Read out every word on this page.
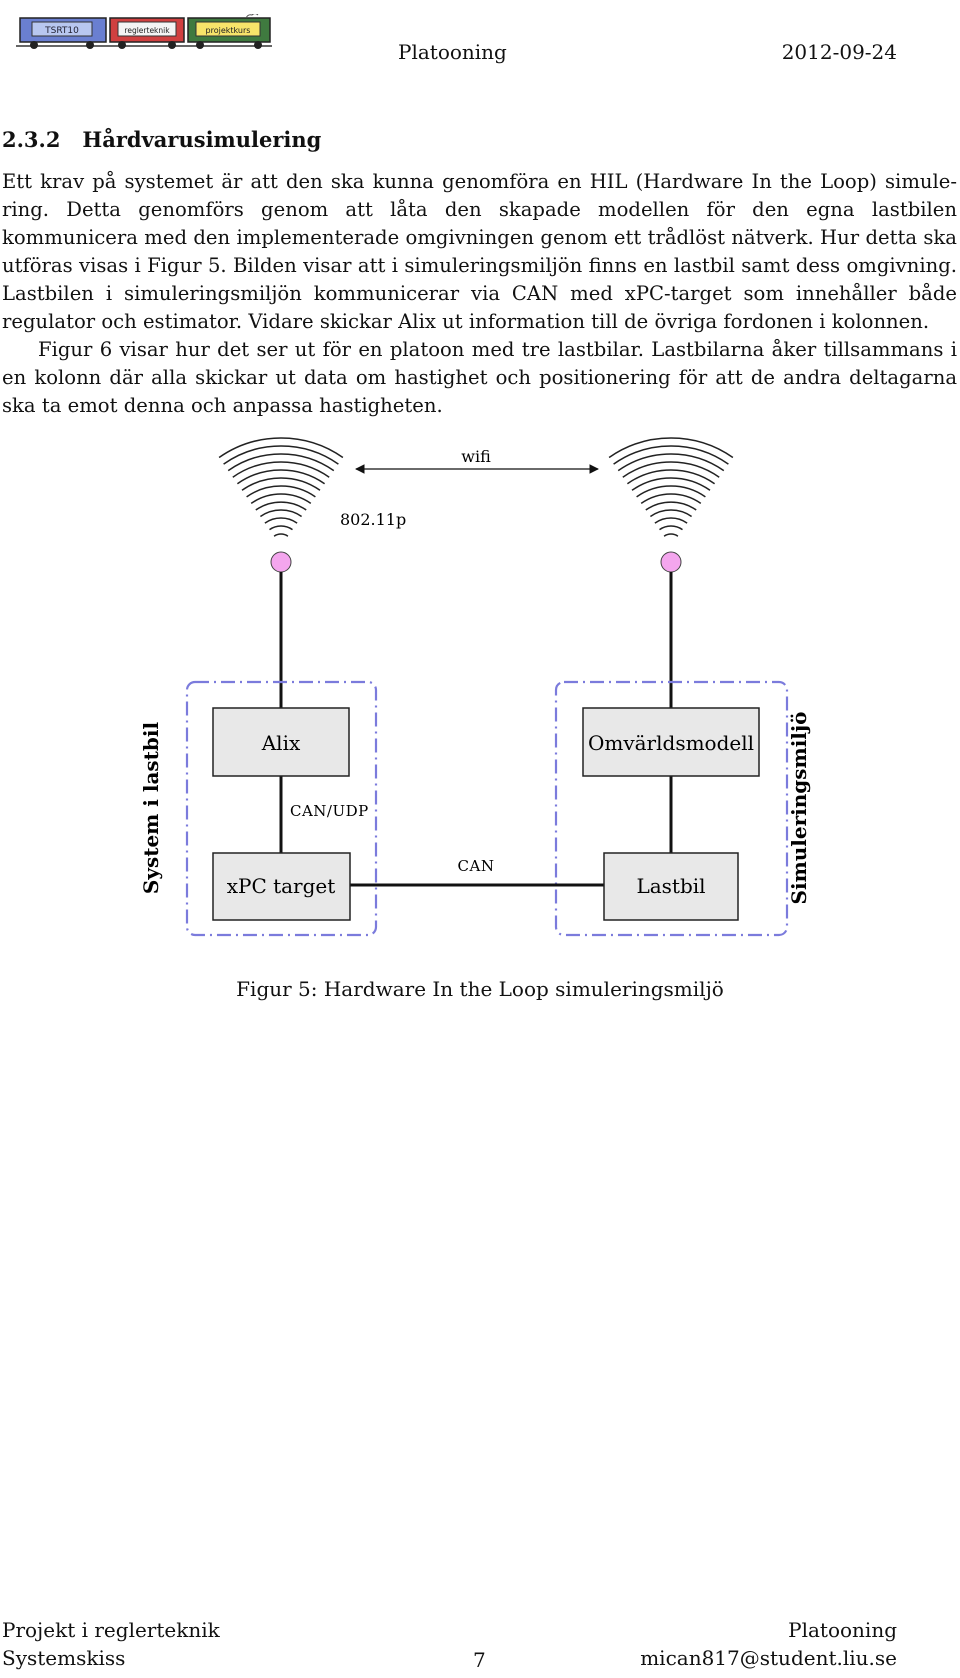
TSRT10	reglerteknik	projektkurs
Platooning	2012-09-24
2.3.2 Hårdvarusimulering
Ett krav på systemet är att den ska kunna genomföra en HIL (Hardware In the Loop) simule- ring. Detta genomförs genom att låta den skapade modellen för den egna lastbilen kommunicera med den implementerade omgivningen genom ett trådlöst nätverk. Hur detta ska utföras visas i Figur 5. Bilden visar att i simuleringsmiljön finns en lastbil samt dess omgivning. Lastbilen i simuleringsmiljön kommunicerar via CAN med xPC-target som innehåller både regulator och estimator. Vidare skickar Alix ut information till de övriga fordonen i kolonnen.
Figur 6 visar hur det ser ut för en platoon med tre lastbilar. Lastbilarna åker tillsammans i en kolonn där alla skickar ut data om hastighet och positionering för att de andra deltagarna ska ta emot denna och anpassa hastigheten.
wifi
802.11p
System i lastbil	Simuleringsmiljö
CAN/UDP
CAN
Alix
xPC target
Omvärldsmodell
Lastbil
Figur 5: Hardware In the Loop simuleringsmiljö
Projekt i reglerteknik
Systemskiss	7
Platooning
mican817@student.liu.se
